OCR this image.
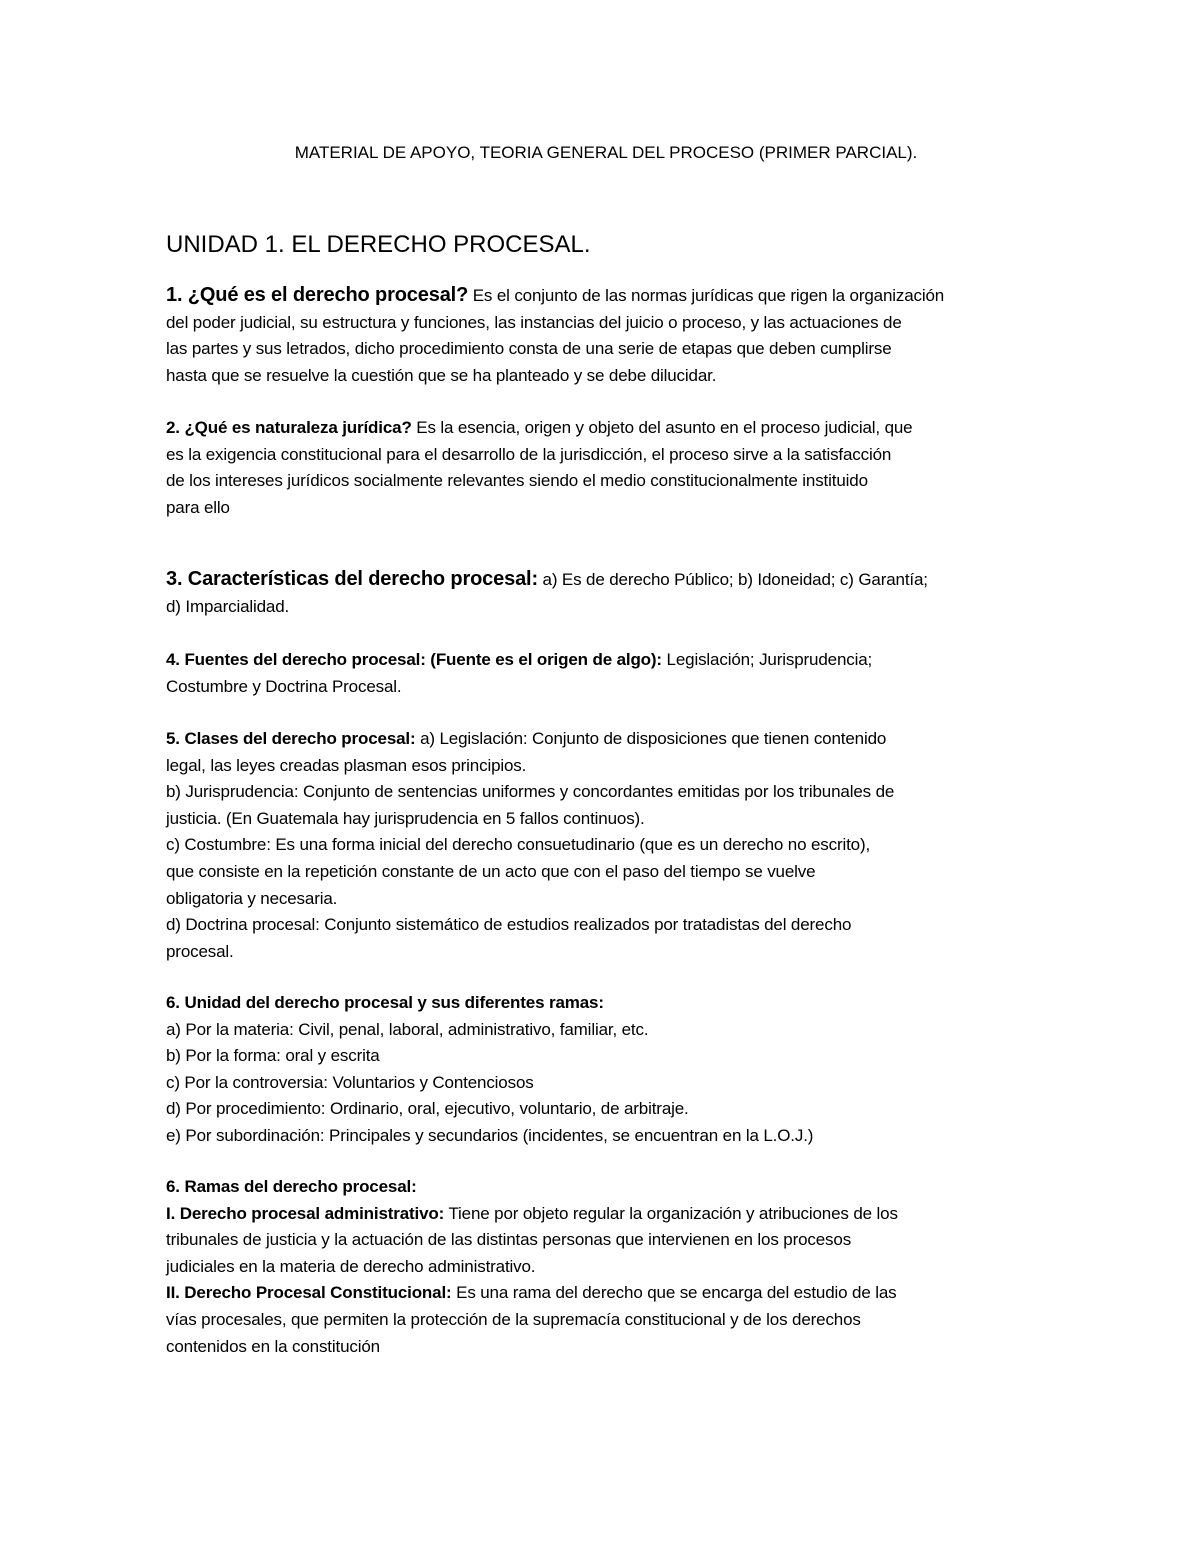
MATERIAL DE APOYO, TEORIA GENERAL DEL PROCESO (PRIMER PARCIAL).

UNIDAD 1. EL DERECHO PROCESAL.
1. ¿Qué es el derecho procesal? Es el conjunto de las normas jurídicas que rigen la organización
del poder judicial, su estructura y funciones, las instancias del juicio o proceso, y las actuaciones de
las partes y sus letrados, dicho procedimiento consta de una serie de etapas que deben cumplirse
hasta que se resuelve la cuestión que se ha planteado y se debe dilucidar.
2. ¿Qué es naturaleza jurídica? Es la esencia, origen y objeto del asunto en el proceso judicial, que
es la exigencia constitucional para el desarrollo de la jurisdicción, el proceso sirve a la satisfacción
de los intereses jurídicos socialmente relevantes siendo el medio constitucionalmente instituido
para ello
3. Características del derecho procesal: a) Es de derecho Público; b) Idoneidad; c) Garantía;
d) Imparcialidad.
4. Fuentes del derecho procesal: (Fuente es el origen de algo): Legislación; Jurisprudencia;
Costumbre y Doctrina Procesal.
5. Clases del derecho procesal: a) Legislación: Conjunto de disposiciones que tienen contenido
legal, las leyes creadas plasman esos principios.
b) Jurisprudencia: Conjunto de sentencias uniformes y concordantes emitidas por los tribunales de
justicia. (En Guatemala hay jurisprudencia en 5 fallos continuos).
c) Costumbre: Es una forma inicial del derecho consuetudinario (que es un derecho no escrito),
que consiste en la repetición constante de un acto que con el paso del tiempo se vuelve
obligatoria y necesaria.
d) Doctrina procesal: Conjunto sistemático de estudios realizados por tratadistas del derecho
procesal.
6. Unidad del derecho procesal y sus diferentes ramas:
a) Por la materia: Civil, penal, laboral, administrativo, familiar, etc.
b) Por la forma: oral y escrita
c) Por la controversia: Voluntarios y Contenciosos
d) Por procedimiento: Ordinario, oral, ejecutivo, voluntario, de arbitraje.
e) Por subordinación: Principales y secundarios (incidentes, se encuentran en la L.O.J.)
6. Ramas del derecho procesal:
I. Derecho procesal administrativo: Tiene por objeto regular la organización y atribuciones de los
tribunales de justicia y la actuación de las distintas personas que intervienen en los procesos
judiciales en la materia de derecho administrativo.
II. Derecho Procesal Constitucional: Es una rama del derecho que se encarga del estudio de las
vías procesales, que permiten la protección de la supremacía constitucional y de los derechos
contenidos en la constitución
